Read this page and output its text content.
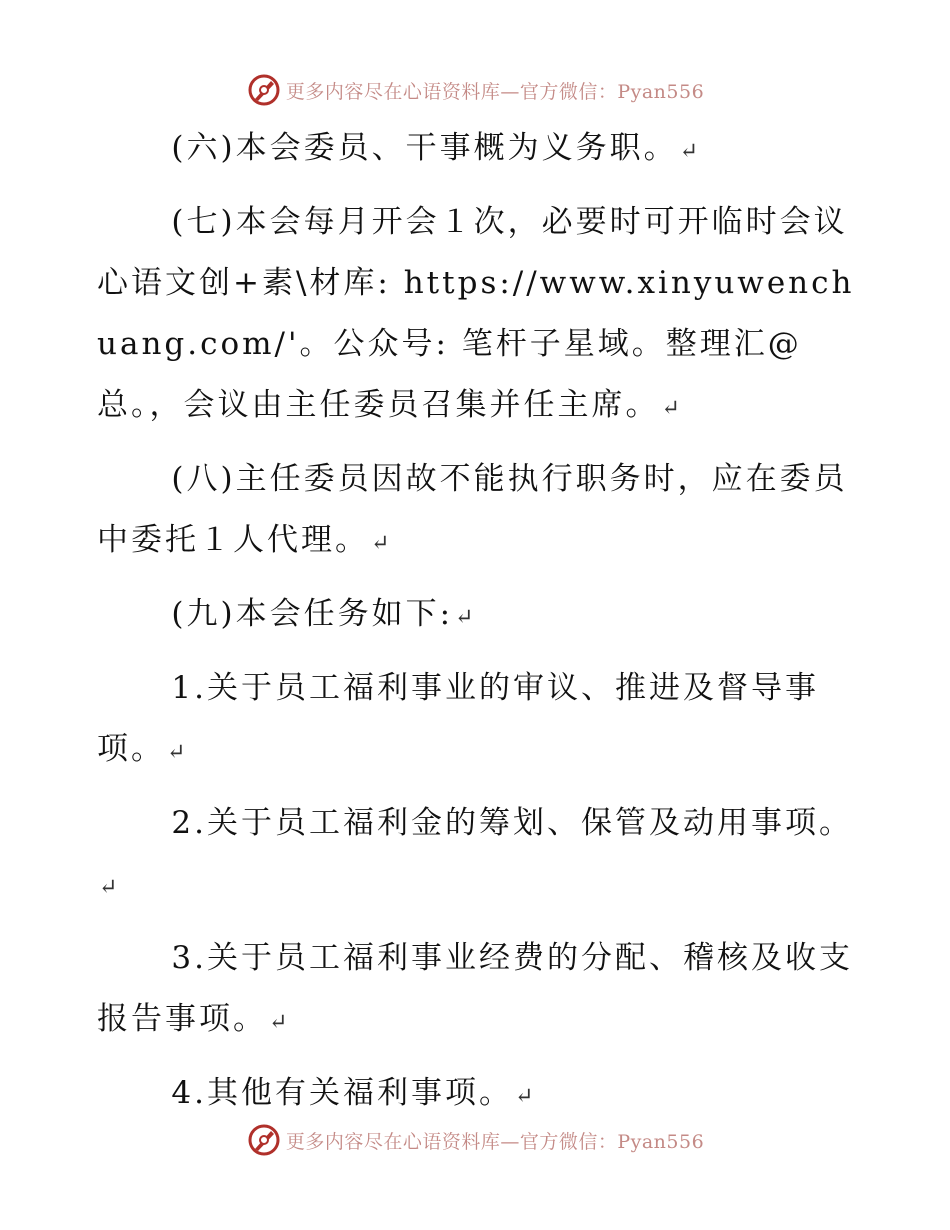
更多内容尽在心语资料库—官方微信：Pyan556

(六)本会委员、干事概为义务职。↵

(七)本会每月开会１次，必要时可开临时会议心语文创+素\材库: https://www.xinyuwenchuang.com/'。公众号: 笔杆子星域。整理汇@总。，会议由主任委员召集并任主席。↵

(八)主任委员因故不能执行职务时，应在委员中委托１人代理。↵

(九)本会任务如下:↵

1.关于员工福利事业的审议、推进及督导事项。↵

2.关于员工福利金的筹划、保管及动用事项。↵

3.关于员工福利事业经费的分配、稽核及收支报告事项。↵

4.其他有关福利事项。↵

更多内容尽在心语资料库—官方微信：Pyan556
